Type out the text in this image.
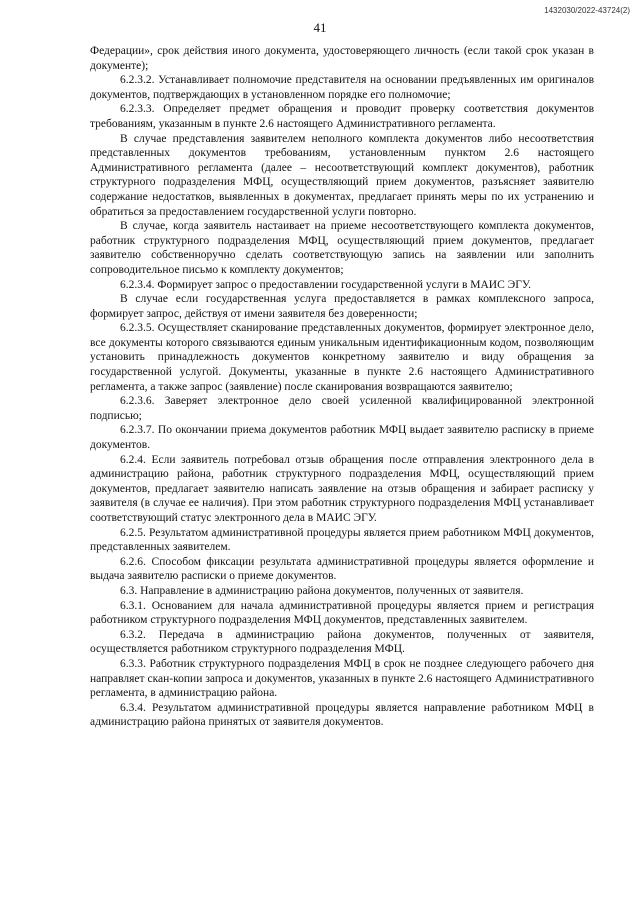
1432030/2022-43724(2)
41

Федерации», срок действия иного документа, удостоверяющего личность (если такой срок указан в документе);

6.2.3.2. Устанавливает полномочие представителя на основании предъявленных им оригиналов документов, подтверждающих в установленном порядке его полномочие;

6.2.3.3. Определяет предмет обращения и проводит проверку соответствия документов требованиям, указанным в пункте 2.6 настоящего Административного регламента.

В случае представления заявителем неполного комплекта документов либо несоответствия представленных документов требованиям, установленным пунктом 2.6 настоящего Административного регламента (далее – несоответствующий комплект документов), работник структурного подразделения МФЦ, осуществляющий прием документов, разъясняет заявителю содержание недостатков, выявленных в документах, предлагает принять меры по их устранению и обратиться за предоставлением государственной услуги повторно.

В случае, когда заявитель настаивает на приеме несоответствующего комплекта документов, работник структурного подразделения МФЦ, осуществляющий прием документов, предлагает заявителю собственноручно сделать соответствующую запись на заявлении или заполнить сопроводительное письмо к комплекту документов;

6.2.3.4. Формирует запрос о предоставлении государственной услуги в МАИС ЭГУ.

В случае если государственная услуга предоставляется в рамках комплексного запроса, формирует запрос, действуя от имени заявителя без доверенности;

6.2.3.5. Осуществляет сканирование представленных документов, формирует электронное дело, все документы которого связываются единым уникальным идентификационным кодом, позволяющим установить принадлежность документов конкретному заявителю и виду обращения за государственной услугой. Документы, указанные в пункте 2.6 настоящего Административного регламента, а также запрос (заявление) после сканирования возвращаются заявителю;

6.2.3.6. Заверяет электронное дело своей усиленной квалифицированной электронной подписью;

6.2.3.7. По окончании приема документов работник МФЦ выдает заявителю расписку в приеме документов.

6.2.4. Если заявитель потребовал отзыв обращения после отправления электронного дела в администрацию района, работник структурного подразделения МФЦ, осуществляющий прием документов, предлагает заявителю написать заявление на отзыв обращения и забирает расписку у заявителя (в случае ее наличия). При этом работник структурного подразделения МФЦ устанавливает соответствующий статус электронного дела в МАИС ЭГУ.

6.2.5. Результатом административной процедуры является прием работником МФЦ документов, представленных заявителем.

6.2.6. Способом фиксации результата административной процедуры является оформление и выдача заявителю расписки о приеме документов.

6.3. Направление в администрацию района документов, полученных от заявителя.

6.3.1. Основанием для начала административной процедуры является прием и регистрация работником структурного подразделения МФЦ документов, представленных заявителем.

6.3.2. Передача в администрацию района документов, полученных от заявителя, осуществляется работником структурного подразделения МФЦ.

6.3.3. Работник структурного подразделения МФЦ в срок не позднее следующего рабочего дня направляет скан-копии запроса и документов, указанных в пункте 2.6 настоящего Административного регламента, в администрацию района.

6.3.4. Результатом административной процедуры является направление работником МФЦ в администрацию района принятых от заявителя документов.
